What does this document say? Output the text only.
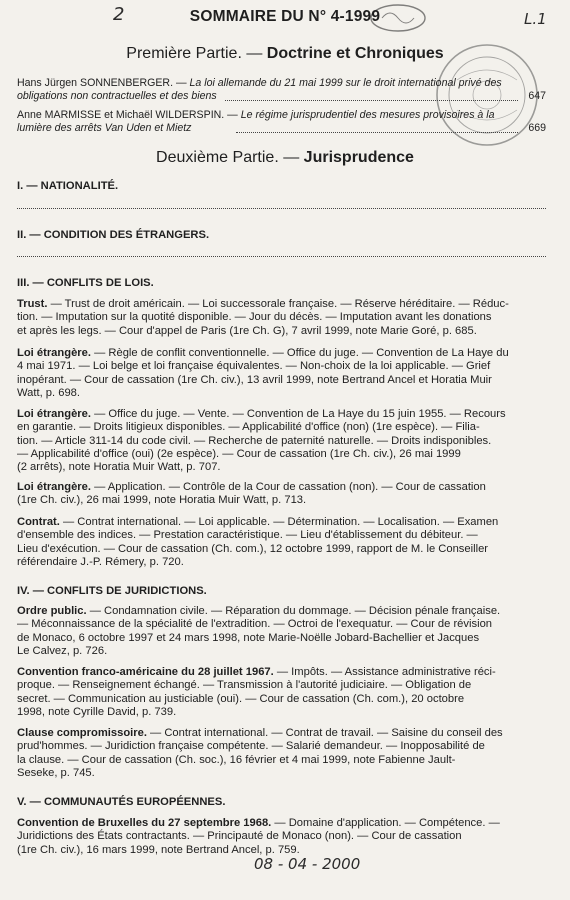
2	L.1
SOMMAIRE DU N° 4-1999
Première Partie. — Doctrine et Chroniques
Hans Jürgen SONNENBERGER. — La loi allemande du 21 mai 1999 sur le droit international privé des
obligations non contractuelles et des biens	647
Anne MARMISSE et Michaël WILDERSPIN. — Le régime jurisprudentiel des mesures provisoires à la
lumière des arrêts Van Uden et Mietz	669
Deuxième Partie. — Jurisprudence
I. — NATIONALITÉ.
II. — CONDITION DES ÉTRANGERS.
III. — CONFLITS DE LOIS.
Trust. — Trust de droit américain. — Loi successorale française. — Réserve héréditaire. — Réduc-
tion. — Imputation sur la quotité disponible. — Jour du décès. — Imputation avant les donations
et après les legs. — Cour d'appel de Paris (1re Ch. G), 7 avril 1999, note Marie Goré, p. 685.
Loi étrangère. — Règle de conflit conventionnelle. — Office du juge. — Convention de La Haye du
4 mai 1971. — Loi belge et loi française équivalentes. — Non-choix de la loi applicable. — Grief
inopérant. — Cour de cassation (1re Ch. civ.), 13 avril 1999, note Bertrand Ancel et Horatia Muir
Watt, p. 698.
Loi étrangère. — Office du juge. — Vente. — Convention de La Haye du 15 juin 1955. — Recours
en garantie. — Droits litigieux disponibles. — Applicabilité d'office (non) (1re espèce). — Filia-
tion. — Article 311-14 du code civil. — Recherche de paternité naturelle. — Droits indisponibles.
— Applicabilité d'office (oui) (2e espèce). — Cour de cassation (1re Ch. civ.), 26 mai 1999
(2 arrêts), note Horatia Muir Watt, p. 707.
Loi étrangère. — Application. — Contrôle de la Cour de cassation (non). — Cour de cassation
(1re Ch. civ.), 26 mai 1999, note Horatia Muir Watt, p. 713.
Contrat. — Contrat international. — Loi applicable. — Détermination. — Localisation. — Examen
d'ensemble des indices. — Prestation caractéristique. — Lieu d'établissement du débiteur. —
Lieu d'exécution. — Cour de cassation (Ch. com.), 12 octobre 1999, rapport de M. le Conseiller
référendaire J.-P. Rémery, p. 720.
IV. — CONFLITS DE JURIDICTIONS.
Ordre public. — Condamnation civile. — Réparation du dommage. — Décision pénale française.
— Méconnaissance de la spécialité de l'extradition. — Octroi de l'exequatur. — Cour de révision
de Monaco, 6 octobre 1997 et 24 mars 1998, note Marie-Noëlle Jobard-Bachellier et Jacques
Le Calvez, p. 726.
Convention franco-américaine du 28 juillet 1967. — Impôts. — Assistance administrative réci-
proque. — Renseignement échangé. — Transmission à l'autorité judiciaire. — Obligation de
secret. — Communication au justiciable (oui). — Cour de cassation (Ch. com.), 20 octobre
1998, note Cyrille David, p. 739.
Clause compromissoire. — Contrat international. — Contrat de travail. — Saisine du conseil des
prud'hommes. — Juridiction française compétente. — Salarié demandeur. — Inopposabilité de
la clause. — Cour de cassation (Ch. soc.), 16 février et 4 mai 1999, note Fabienne Jault-
Seseke, p. 745.
V. — COMMUNAUTÉS EUROPÉENNES.
Convention de Bruxelles du 27 septembre 1968. — Domaine d'application. — Compétence. —
Juridictions des États contractants. — Principauté de Monaco (non). — Cour de cassation
(1re Ch. civ.), 16 mars 1999, note Bertrand Ancel, p. 759.
08 - 04 - 2000
